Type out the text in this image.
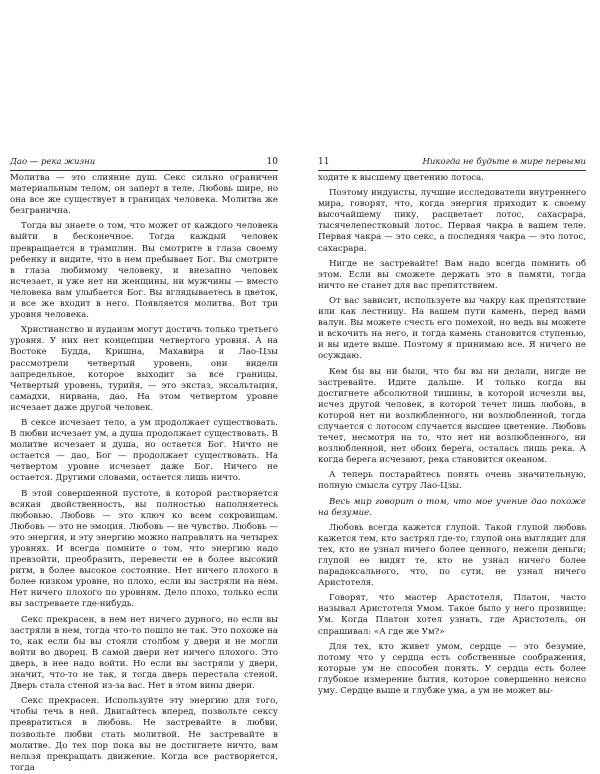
Дао — река жизни	10

Молитва — это слияние душ. Секс сильно ограничен материальным телом, он заперт в теле. Любовь шире, но она все же существует в границах человека. Молитва же безгранична.

Тогда вы знаете о том, что может от каждого человека выйти в бесконечное. Тогда каждый человек превращается в трамплин. Вы смотрите в глаза своему ребенку и видите, что в нем пребывает Бог. Вы смотрите в глаза любимому человеку, и внезапно человек исчезает, и уже нет ни женщины, ни мужчины — вместо человека вам улыбается Бог. Вы вглядываетесь в цветок, и все же входит в него. Появляется молитва. Вот три уровня человека.

Христианство и иудаизм могут достичь только третьего уровня. У них нет концепции четвертого уровня. А на Востоке Будда, Кришна, Махавира и Лао-Цзы рассмотрели четвертый уровень, они видели запредельное, которое выходит за все границы. Четвертый уровень, турийя, — это экстаз, эксальтация, самадхи, нирвана, дао. На этом четвертом уровне исчезает даже другой человек.

В сексе исчезает тело, а ум продолжает существовать. В любви исчезает ум, а душа продолжает существовать. В молитве исчезает и душа, но остается Бог. Ничто не остается — дао, Бог — продолжает существовать. На четвертом уровне исчезает даже Бог. Ничего не остается. Другими словами, остается лишь ничто.

В этой совершенной пустоте, в которой растворяется всякая двойственность, вы полностью наполняетесь любовью. Любовь — это ключ ко всем сокровищам. Любовь — это не эмоция. Любовь — не чувство. Любовь — это энергия, и эту энергию можно направлять на четырех уровнях. И всегда помните о том, что энергию надо превзойти, преобразить, перевести ее в более высокий ритм, в более высокое состояние. Нет ничего плохого в более низком уровне, но плохо, если вы застряли на нем. Нет ничего плохого по уровням. Дело плохо, только если вы застреваете где-нибудь.

Секс прекрасен, в нем нет ничего дурного, но если вы застряли в нем, тогда что-то пошло не так. Это похоже на то, как если бы вы стояли столбом у двери и не могли войти во дворец. В самой двери нет ничего плохого. Это дверь, в нее надо войти. Но если вы застряли у двери, значит, что-то не так, и тогда дверь перестала стеной. Дверь стала стеной из-за вас. Нет в этом вины двери.

Секс прекрасен. Используйте эту энергию для того, чтобы течь в ней. Двигайтесь вперед, позвольте сексу превратиться в любовь. Не застревайте в любви, позвольте любви стать молитвой. Не застревайте в молитве. До тех пор пока вы не достигнете ничто, вам нельзя прекращать движение. Когда все растворяется, тогда

11	Никогда не будьте в мире первыми

ходите к высшему цветению лотоса.

Поэтому индуисты, лучшие исследователи внутреннего мира, говорят, что, когда энергия приходит к своему высочайшему пику, расцветает лотос, сахасрара, тысячелепестковый лотос. Первая чакра в вашем теле. Первая чакра — это секс, а последняя чакра — это лотос, сахасрара.

Нигде не застревайте! Вам надо всегда помнить об этом. Если вы сможете держать это в памяти, тогда ничто не станет для вас препятствием.

От вас зависит, используете вы чакру как препятствие или как лестницу. На вашем пути камень, перед вами валун. Вы можете счесть его помехой, но ведь вы можете и вскочить на него, и тогда камень становится ступенью, и вы идете выше. Поэтому я принимаю все. Я ничего не осуждаю.

Кем бы вы ни были, что бы вы ни делали, нигде не застревайте. Идите дальше. И только когда вы достигнете абсолютной тишины, в которой исчезли вы, исчез другой человек, в которой течет лишь любовь, в которой нет ни возлюбленного, ни возлюбленной, тогда случается с лотосом случается высшее цветение. Любовь течет, несмотря на то, что нет ни возлюбленного, ни возлюбленной, нет обоих берега, осталась лишь река. А когда берега исчезают, река становится океаном.

А теперь постарайтесь понять очень значительную, полную смысла сутру Лао-Цзы.

Весь мир говорит о том, что мое учение дао похоже на безумие.

Любовь всегда кажется глупой. Такой глупой любовь кажется тем, кто застрял где-то; глупой она выглядит для тех, кто не узнал ничего более ценного, нежели деньги; глупой ее видят те, кто не узнал ничего более парадоксального, что, по сути, не узнал ничего Аристотеля.

Говорят, что мастер Аристотеля, Платон, часто называл Аристотеля Умом. Такое было у него прозвище: Ум. Когда Платон хотел узнать, где Аристотель, он спрашивал: «А где же Ум?»

Для тех, кто живет умом, сердце — это безумие, потому что у сердца есть собственные соображения, которые ум не способен понять. У сердца есть более глубокое измерение бытия, которое совершенно неясно уму. Сердце выше и глубже ума, а ум не может вы-
